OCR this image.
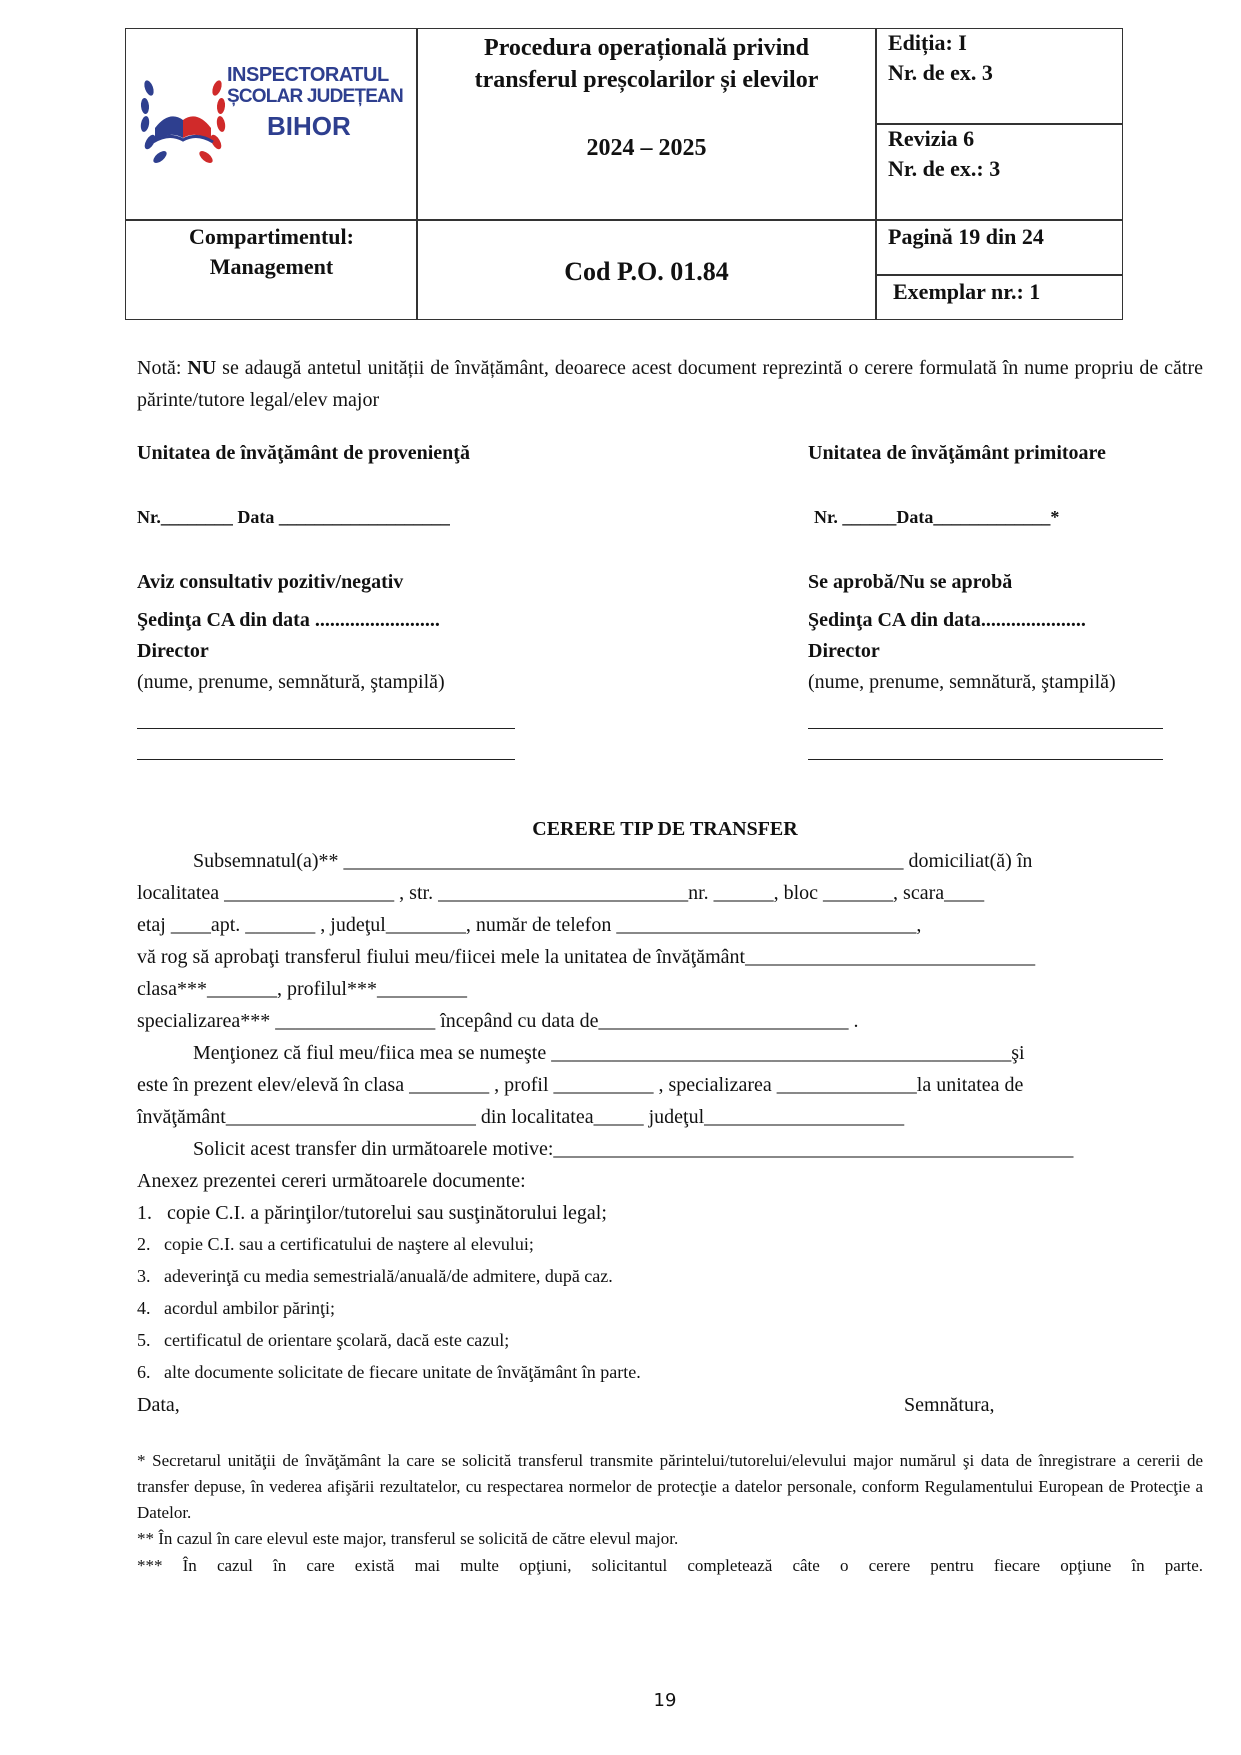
INSPECTORATUL
ȘCOLAR JUDEȚEAN
BIHOR
Procedura operațională privind
transferul preșcolarilor și elevilor
2024 – 2025
Ediția: I
Nr. de ex. 3
Revizia 6
Nr. de ex.: 3
Compartimentul:
Management	Cod P.O. 01.84
Pagină 19 din 24
Exemplar nr.: 1
Notă: NU se adaugă antetul unității de învățământ, deoarece acest document reprezintă o cerere formulată în nume propriu de către părinte/tutore legal/elev major
Unitatea de învăţământ de provenienţă
Nr.________ Data ___________________
Aviz consultativ pozitiv/negativ
Şedinţa CA din data .........................
Director
(nume, prenume, semnătură, ştampilă)
Unitatea de învăţământ primitoare
Nr. ______Data_____________*
Se aprobă/Nu se aprobă
Şedinţa CA din data.....................
Director
(nume, prenume, semnătură, ştampilă)
CERERE TIP DE TRANSFER
Subsemnatul(a)** ________________________________________________________ domiciliat(ă) în
localitatea _________________ , str. _________________________nr. ______, bloc _______, scara____
etaj ____apt. _______ , judeţul________, număr de telefon ______________________________,
vă rog să aprobaţi transferul fiului meu/fiicei mele la unitatea de învăţământ_____________________________
clasa***_______, profilul***_________
specializarea*** ________________ începând cu data de_________________________ .
Menţionez că fiul meu/fiica mea se numeşte ______________________________________________şi
este în prezent elev/elevă în clasa ________ , profil __________ , specializarea ______________la unitatea de
învăţământ_________________________ din localitatea_____ judeţul____________________
Solicit acest transfer din următoarele motive:____________________________________________________
Anexez prezentei cereri următoarele documente:
1.   copie C.I. a părinţilor/tutorelui sau susţinătorului legal;
2.   copie C.I. sau a certificatului de naştere al elevului;
3.   adeverinţă cu media semestrială/anuală/de admitere, după caz.
4.   acordul ambilor părinţi;
5.   certificatul de orientare şcolară, dacă este cazul;
6.   alte documente solicitate de fiecare unitate de învăţământ în parte.
Data,	Semnătura,
* Secretarul unităţii de învăţământ la care se solicită transferul transmite părintelui/tutorelui/elevului major numărul şi data de înregistrare a cererii de transfer depuse, în vederea afişării rezultatelor, cu respectarea normelor de protecţie a datelor personale, conform Regulamentului European de Protecţie a Datelor.
** În cazul în care elevul este major, transferul se solicită de către elevul major.
*** În cazul în care există mai multe opţiuni, solicitantul completează câte o cerere pentru fiecare opţiune în parte.
19
